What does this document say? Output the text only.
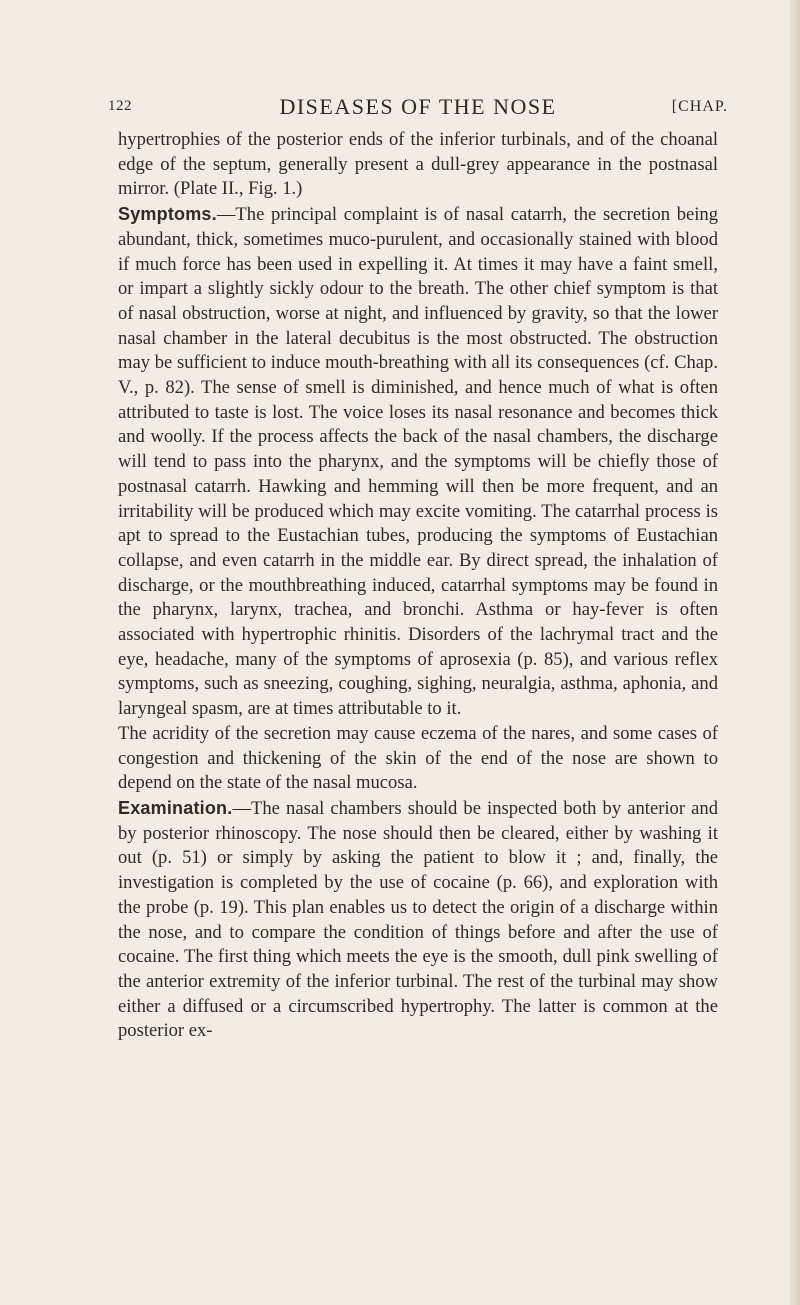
122	DISEASES OF THE NOSE	[CHAP.

hypertrophies of the posterior ends of the inferior turbinals, and of the choanal edge of the septum, generally present a dull-grey appearance in the postnasal mirror. (Plate II., Fig. 1.)

Symptoms.—The principal complaint is of nasal catarrh, the secretion being abundant, thick, sometimes muco-purulent, and occasionally stained with blood if much force has been used in expelling it. At times it may have a faint smell, or impart a slightly sickly odour to the breath. The other chief symptom is that of nasal obstruction, worse at night, and influenced by gravity, so that the lower nasal chamber in the lateral decubitus is the most obstructed. The obstruction may be sufficient to induce mouth-breathing with all its consequences (cf. Chap. V., p. 82). The sense of smell is diminished, and hence much of what is often attributed to taste is lost. The voice loses its nasal resonance and becomes thick and woolly. If the process affects the back of the nasal chambers, the discharge will tend to pass into the pharynx, and the symptoms will be chiefly those of postnasal catarrh. Hawking and hemming will then be more frequent, and an irritability will be produced which may excite vomiting. The catarrhal process is apt to spread to the Eustachian tubes, producing the symptoms of Eustachian collapse, and even catarrh in the middle ear. By direct spread, the inhalation of discharge, or the mouthbreathing induced, catarrhal symptoms may be found in the pharynx, larynx, trachea, and bronchi. Asthma or hay-fever is often associated with hypertrophic rhinitis. Disorders of the lachrymal tract and the eye, headache, many of the symptoms of aprosexia (p. 85), and various reflex symptoms, such as sneezing, coughing, sighing, neuralgia, asthma, aphonia, and laryngeal spasm, are at times attributable to it.

The acridity of the secretion may cause eczema of the nares, and some cases of congestion and thickening of the skin of the end of the nose are shown to depend on the state of the nasal mucosa.

Examination.—The nasal chambers should be inspected both by anterior and by posterior rhinoscopy. The nose should then be cleared, either by washing it out (p. 51) or simply by asking the patient to blow it ; and, finally, the investigation is completed by the use of cocaine (p. 66), and exploration with the probe (p. 19). This plan enables us to detect the origin of a discharge within the nose, and to compare the condition of things before and after the use of cocaine. The first thing which meets the eye is the smooth, dull pink swelling of the anterior extremity of the inferior turbinal. The rest of the turbinal may show either a diffused or a circumscribed hypertrophy. The latter is common at the posterior ex-
